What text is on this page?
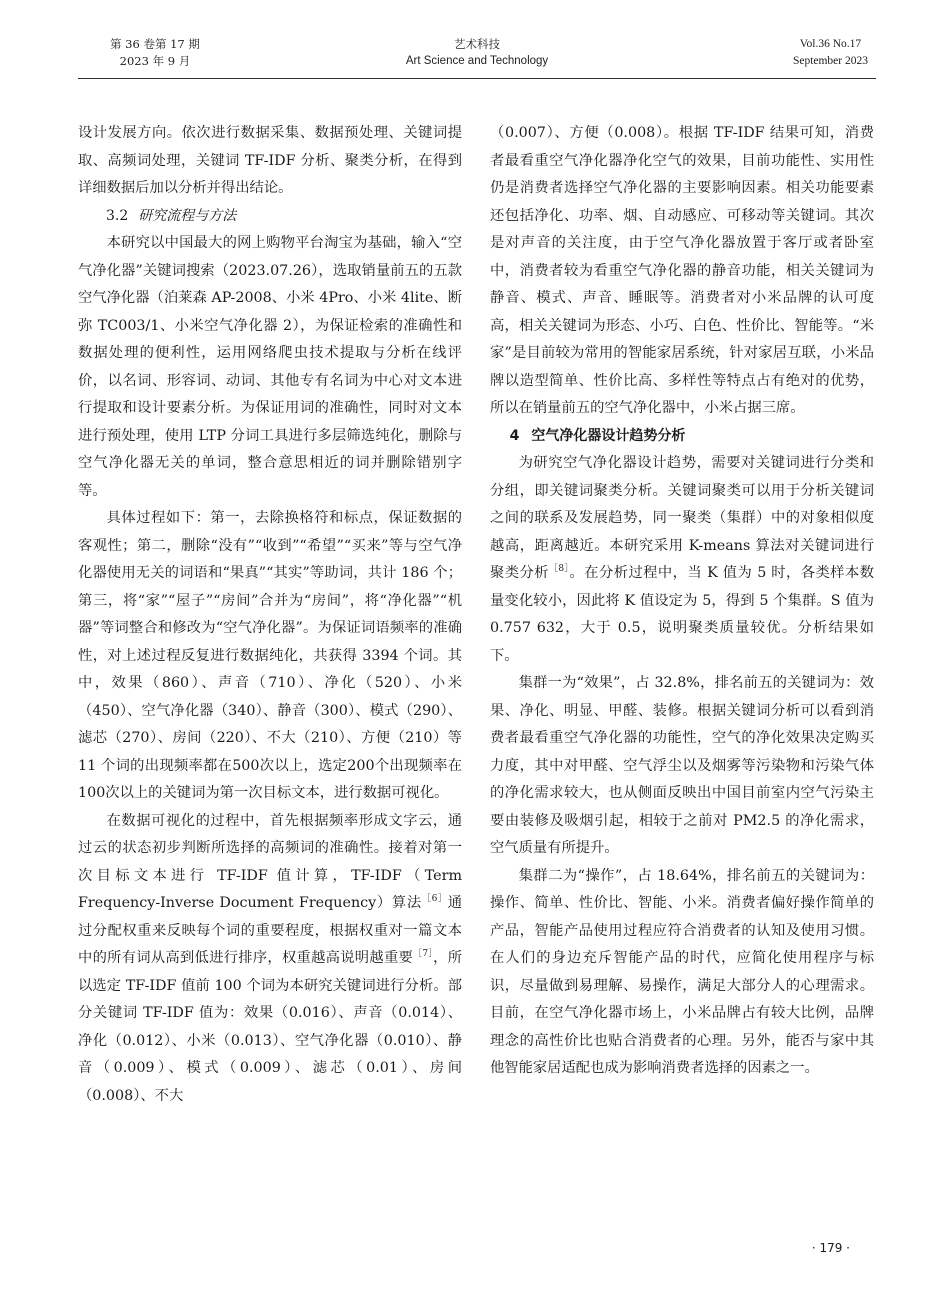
第 36 卷第 17 期
2023 年 9 月
艺术科技
Art Science and Technology
Vol.36 No.17
September 2023

设计发展方向。依次进行数据采集、数据预处理、关键词提取、高频词处理，关键词 TF-IDF 分析、聚类分析，在得到详细数据后加以分析并得出结论。

3.2 研究流程与方法

本研究以中国最大的网上购物平台淘宝为基础，输入“空气净化器”关键词搜索（2023.07.26），选取销量前五的五款空气净化器（泊莱森 AP-2008、小米 4Pro、小米 4lite、断弥 TC003/1、小米空气净化器 2），为保证检索的准确性和数据处理的便利性，运用网络爬虫技术提取与分析在线评价，以名词、形容词、动词、其他专有名词为中心对文本进行提取和设计要素分析。为保证用词的准确性，同时对文本进行预处理，使用 LTP 分词工具进行多层筛选纯化，删除与空气净化器无关的单词，整合意思相近的词并删除错别字等。

具体过程如下：第一，去除换格符和标点，保证数据的客观性；第二，删除“没有”“收到”“希望”“买来”等与空气净化器使用无关的词语和“果真”“其实”等助词，共计 186 个；第三，将“家”“屋子”“房间”合并为“房间”，将“净化器”“机器”等词整合和修改为“空气净化器”。为保证词语频率的准确性，对上述过程反复进行数据纯化，共获得 3394 个词。其中，效果（860）、声音（710）、净化（520）、小米（450）、空气净化器（340）、静音（300）、模式（290）、滤芯（270）、房间（220）、不大（210）、方便（210）等 11 个词的出现频率都在500次以上，选定200个出现频率在100次以上的关键词为第一次目标文本，进行数据可视化。

在数据可视化的过程中，首先根据频率形成文字云，通过云的状态初步判断所选择的高频词的准确性。接着对第一次目标文本进行 TF-IDF 值计算，TF-IDF（Term Frequency-Inverse Document Frequency）算法$^{[6]}$通过分配权重来反映每个词的重要程度，根据权重对一篇文本中的所有词从高到低进行排序，权重越高说明越重要$^{[7]}$，所以选定 TF-IDF 值前 100 个词为本研究关键词进行分析。部分关键词 TF-IDF 值为：效果（0.016）、声音（0.014）、净化（0.012）、小米（0.013）、空气净化器（0.010）、静音（0.009）、模式（0.009）、滤芯（0.01）、房间（0.008）、不大

（0.007）、方便（0.008）。根据 TF-IDF 结果可知，消费者最看重空气净化器净化空气的效果，目前功能性、实用性仍是消费者选择空气净化器的主要影响因素。相关功能要素还包括净化、功率、烟、自动感应、可移动等关键词。其次是对声音的关注度，由于空气净化器放置于客厅或者卧室中，消费者较为看重空气净化器的静音功能，相关关键词为静音、模式、声音、睡眠等。消费者对小米品牌的认可度高，相关关键词为形态、小巧、白色、性价比、智能等。“米家”是目前较为常用的智能家居系统，针对家居互联，小米品牌以造型简单、性价比高、多样性等特点占有绝对的优势，所以在销量前五的空气净化器中，小米占据三席。

4 空气净化器设计趋势分析

为研究空气净化器设计趋势，需要对关键词进行分类和分组，即关键词聚类分析。关键词聚类可以用于分析关键词之间的联系及发展趋势，同一聚类（集群）中的对象相似度越高，距离越近。本研究采用 K-means 算法对关键词进行聚类分析$^{[8]}$。在分析过程中，当 K 值为 5 时，各类样本数量变化较小，因此将 K 值设定为 5，得到 5 个集群。S 值为 0.757 632，大于 0.5，说明聚类质量较优。分析结果如下。

集群一为“效果”，占 32.8%，排名前五的关键词为：效果、净化、明显、甲醛、装修。根据关键词分析可以看到消费者最看重空气净化器的功能性，空气的净化效果决定购买力度，其中对甲醛、空气浮尘以及烟雾等污染物和污染气体的净化需求较大，也从侧面反映出中国目前室内空气污染主要由装修及吸烟引起，相较于之前对 PM2.5 的净化需求，空气质量有所提升。

集群二为“操作”，占 18.64%，排名前五的关键词为：操作、简单、性价比、智能、小米。消费者偏好操作简单的产品，智能产品使用过程应符合消费者的认知及使用习惯。在人们的身边充斥智能产品的时代，应简化使用程序与标识，尽量做到易理解、易操作，满足大部分人的心理需求。目前，在空气净化器市场上，小米品牌占有较大比例，品牌理念的高性价比也贴合消费者的心理。另外，能否与家中其他智能家居适配也成为影响消费者选择的因素之一。

· 179 ·
